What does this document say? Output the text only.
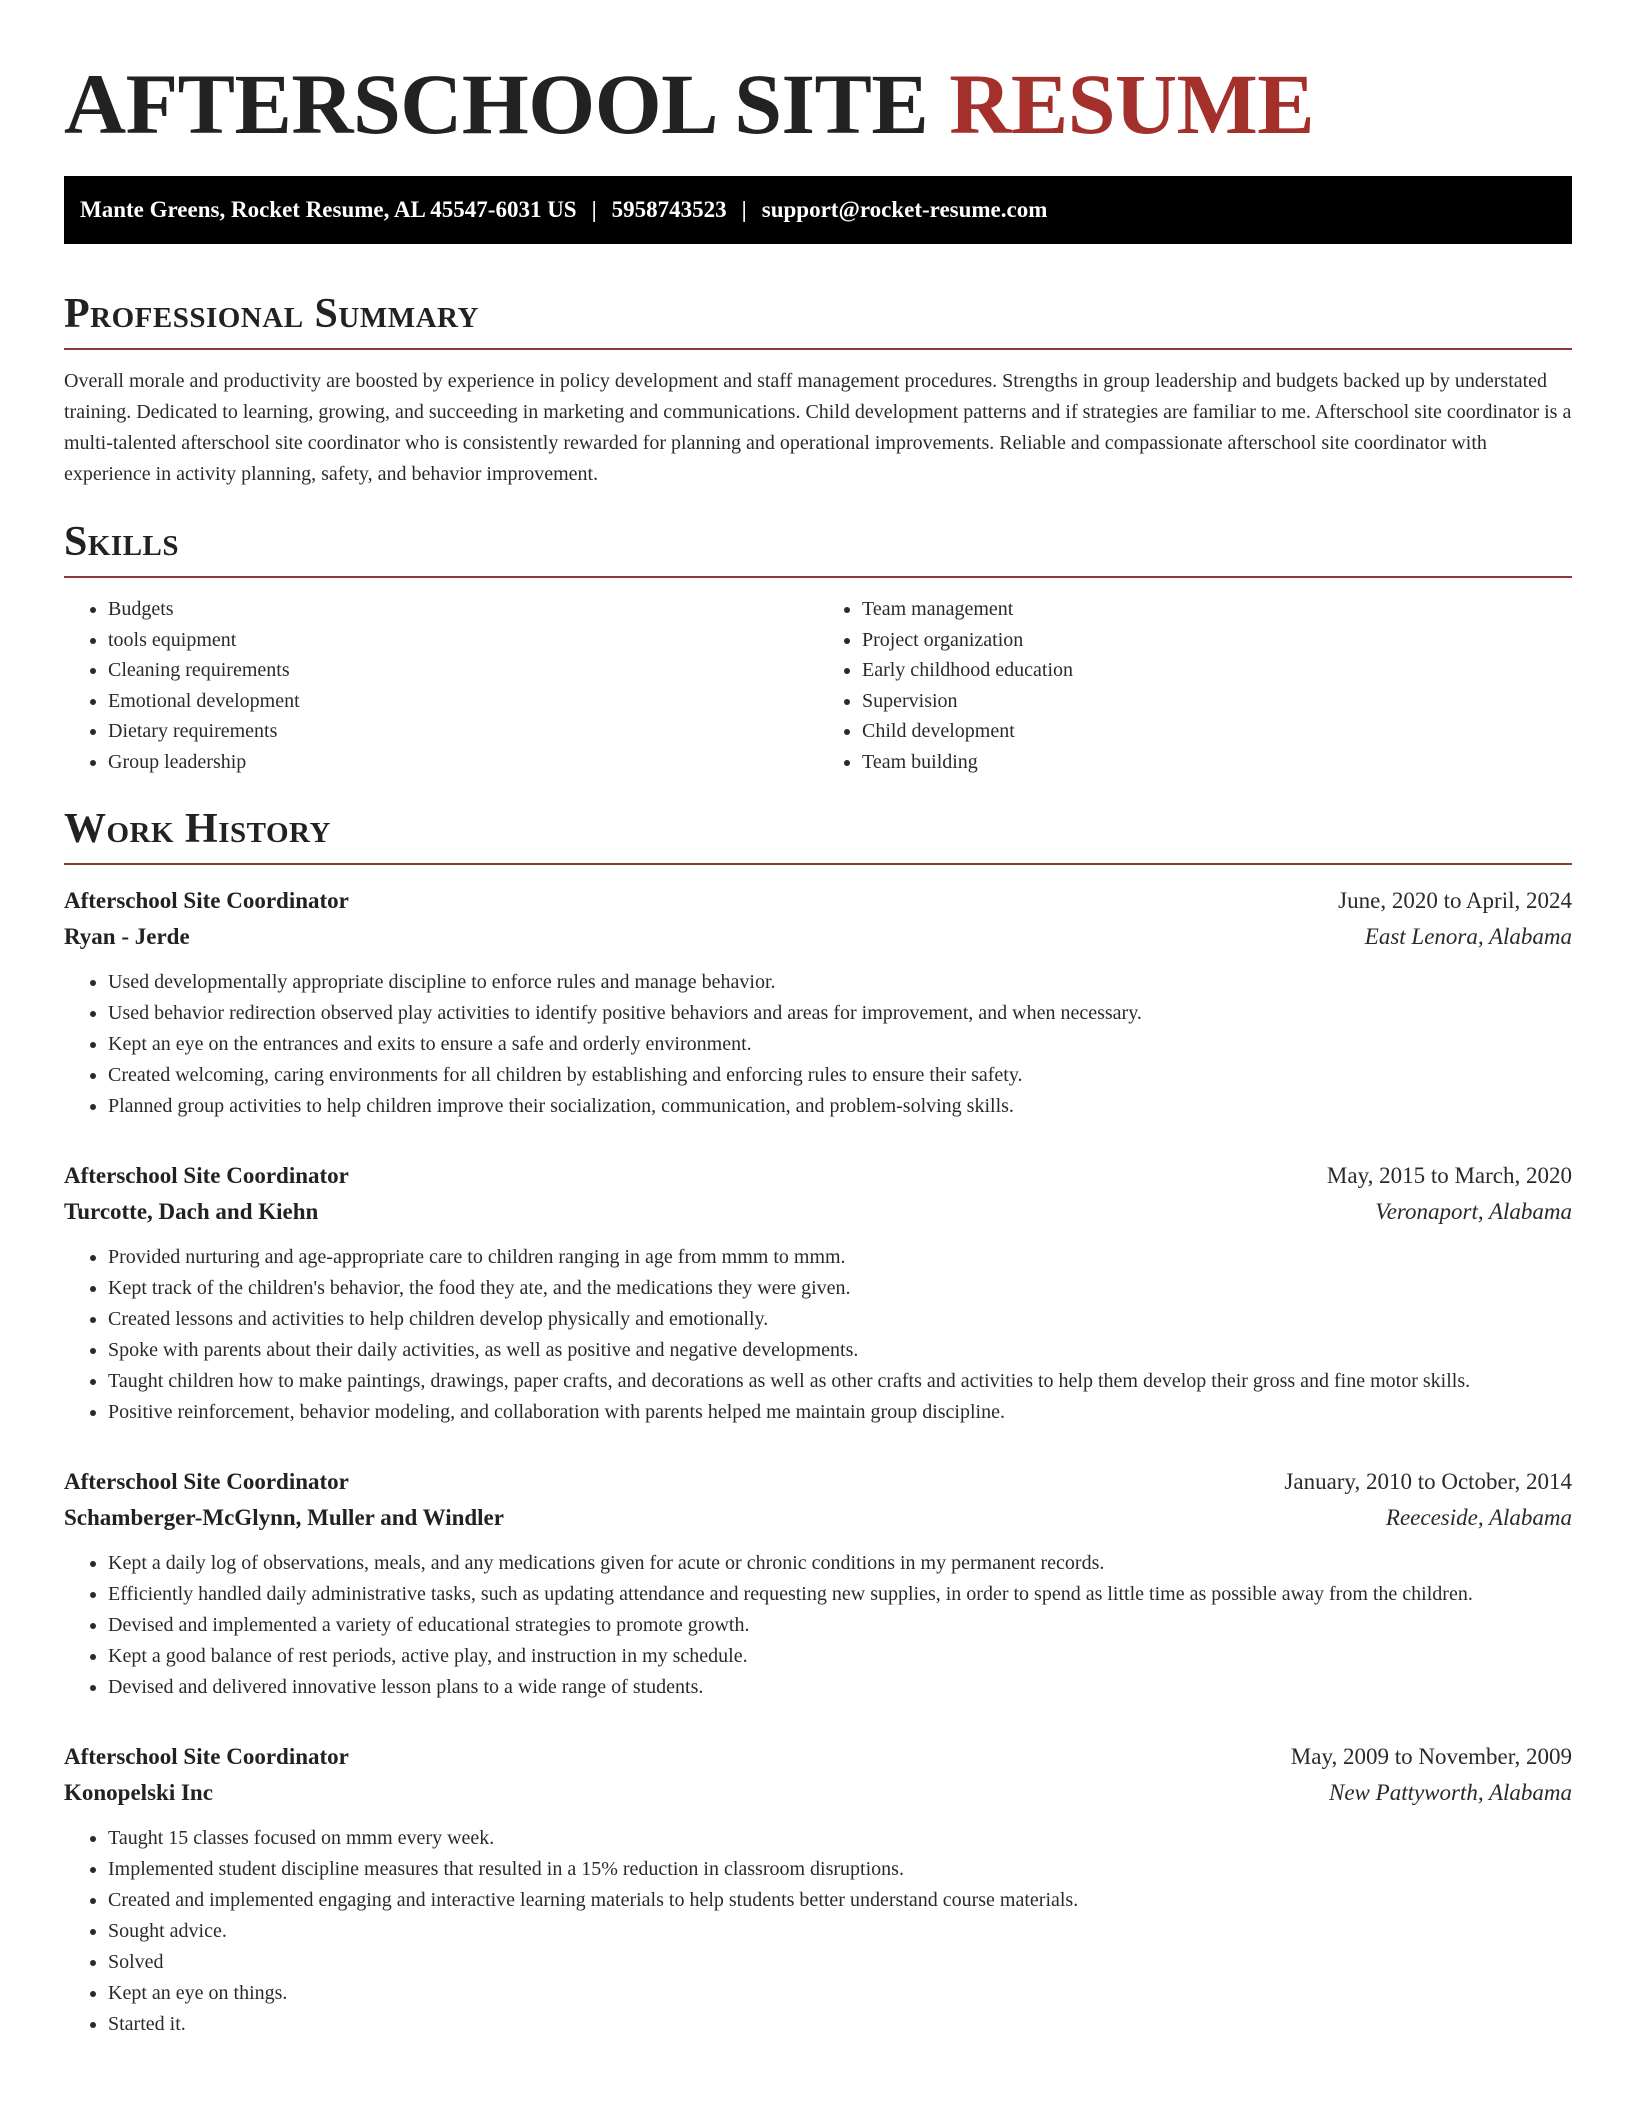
AFTERSCHOOL SITE RESUME
Mante Greens, Rocket Resume, AL 45547-6031 US | 5958743523 | support@rocket-resume.com
Professional Summary

Overall morale and productivity are boosted by experience in policy development and staff management procedures. Strengths in group leadership and budgets backed up by understated training. Dedicated to learning, growing, and succeeding in marketing and communications. Child development patterns and if strategies are familiar to me. Afterschool site coordinator is a multi-talented afterschool site coordinator who is consistently rewarded for planning and operational improvements. Reliable and compassionate afterschool site coordinator with experience in activity planning, safety, and behavior improvement.

Skills
• Budgets
• tools equipment
• Cleaning requirements
• Emotional development
• Dietary requirements
• Group leadership
• Team management
• Project organization
• Early childhood education
• Supervision
• Child development
• Team building
Work History
Afterschool Site Coordinator	June, 2020 to April, 2024
Ryan - Jerde	East Lenora, Alabama
• Used developmentally appropriate discipline to enforce rules and manage behavior.
• Used behavior redirection observed play activities to identify positive behaviors and areas for improvement, and when necessary.
• Kept an eye on the entrances and exits to ensure a safe and orderly environment.
• Created welcoming, caring environments for all children by establishing and enforcing rules to ensure their safety.
• Planned group activities to help children improve their socialization, communication, and problem-solving skills.
Afterschool Site Coordinator	May, 2015 to March, 2020
Turcotte, Dach and Kiehn	Veronaport, Alabama
• Provided nurturing and age-appropriate care to children ranging in age from mmm to mmm.
• Kept track of the children's behavior, the food they ate, and the medications they were given.
• Created lessons and activities to help children develop physically and emotionally.
• Spoke with parents about their daily activities, as well as positive and negative developments.
• Taught children how to make paintings, drawings, paper crafts, and decorations as well as other crafts and activities to help them develop their gross and fine motor skills.
• Positive reinforcement, behavior modeling, and collaboration with parents helped me maintain group discipline.
Afterschool Site Coordinator	January, 2010 to October, 2014
Schamberger-McGlynn, Muller and Windler	Reeceside, Alabama
• Kept a daily log of observations, meals, and any medications given for acute or chronic conditions in my permanent records.
• Efficiently handled daily administrative tasks, such as updating attendance and requesting new supplies, in order to spend as little time as possible away from the children.
• Devised and implemented a variety of educational strategies to promote growth.
• Kept a good balance of rest periods, active play, and instruction in my schedule.
• Devised and delivered innovative lesson plans to a wide range of students.
Afterschool Site Coordinator	May, 2009 to November, 2009
Konopelski Inc	New Pattyworth, Alabama
• Taught 15 classes focused on mmm every week.
• Implemented student discipline measures that resulted in a 15% reduction in classroom disruptions.
• Created and implemented engaging and interactive learning materials to help students better understand course materials.
• Sought advice.
• Solved
• Kept an eye on things.
• Started it.
